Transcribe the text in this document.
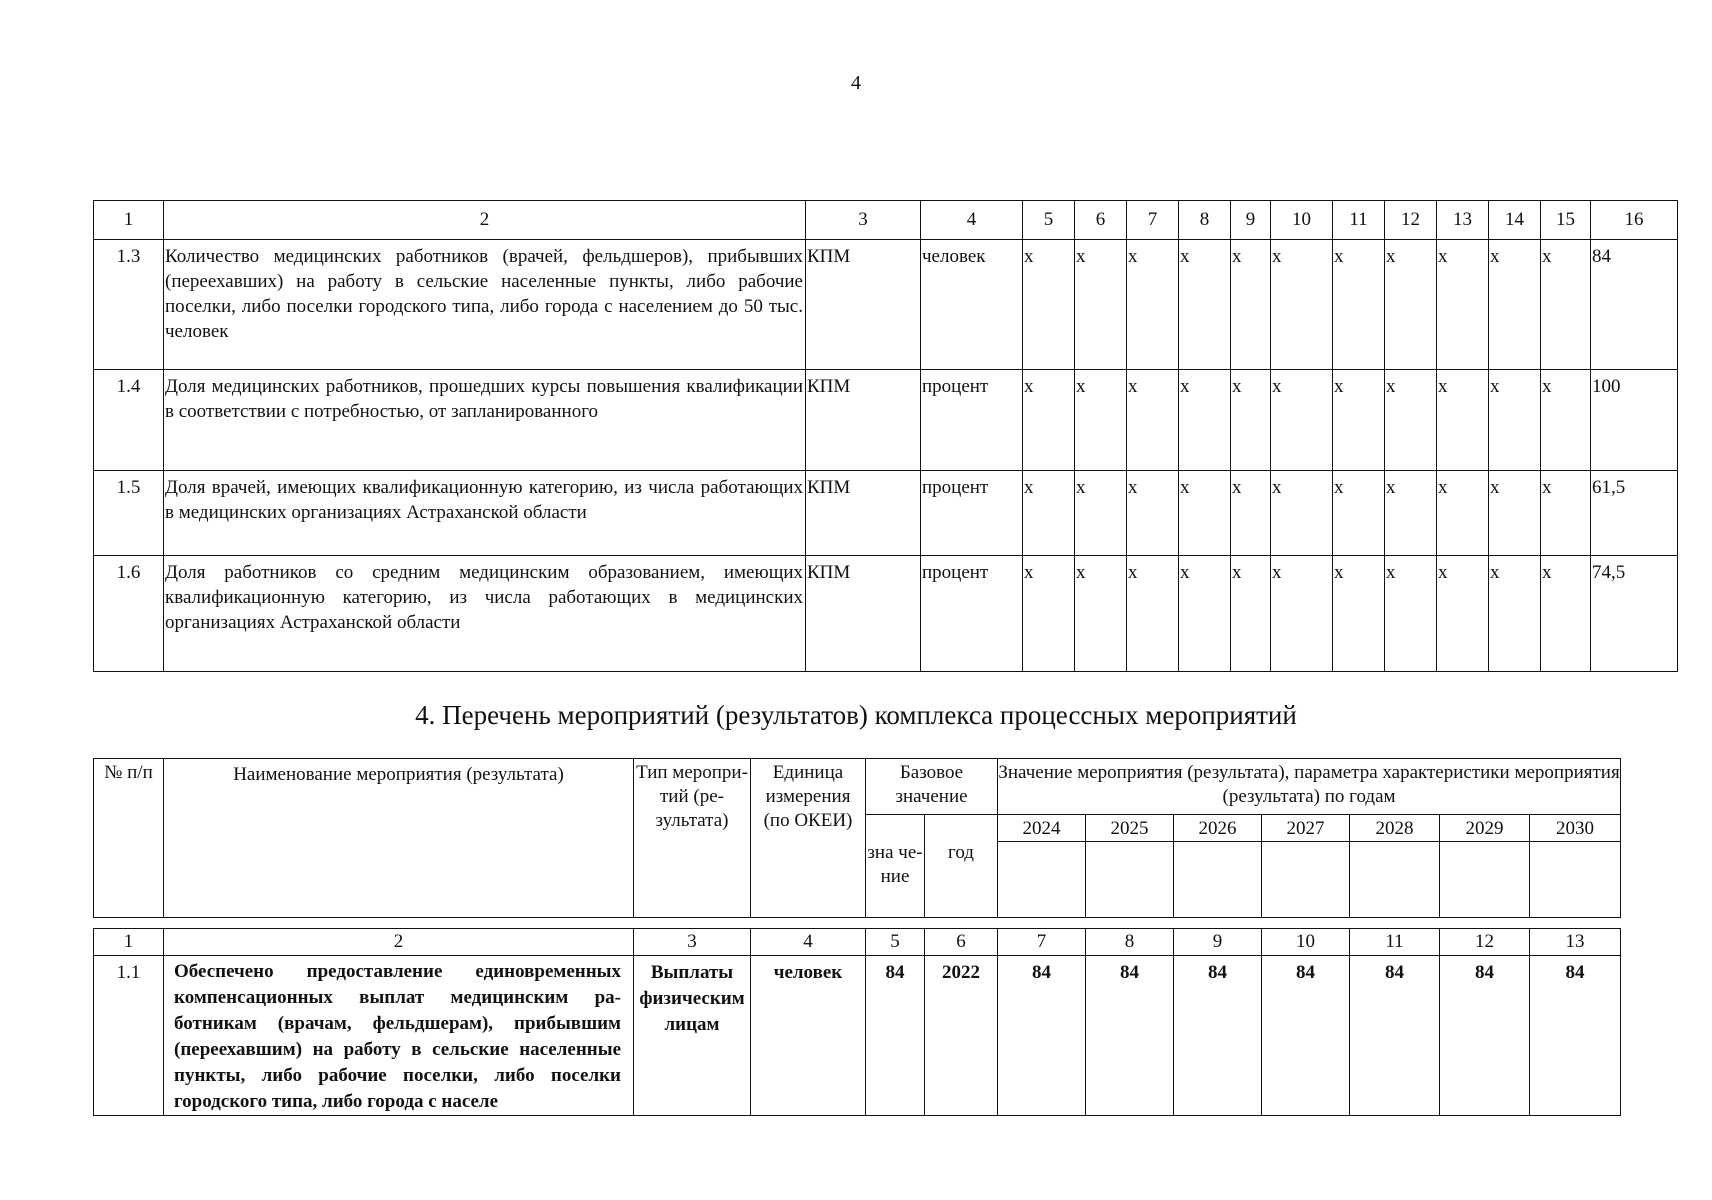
4
1	2	3	4	5	6	7	8	9	10	11	12	13	14	15	16
1.3	Количество медицинских работников (врачей, фельдшеров), прибывших (переехавших) на работу в сельские населенные пункты, либо рабочие поселки, либо поселки городского типа, либо города с населением до 50 тыс. человек	КПМ	человек	x	x	x	x	x	x	x	x	x	x	x	84
1.4	Доля медицинских работников, прошедших курсы повышения квалификации в соответствии с потребностью, от запланированного	КПМ	процент	x	x	x	x	x	x	x	x	x	x	x	100
1.5	Доля врачей, имеющих квалификационную категорию, из числа работающих в медицинских организациях Астраханской области	КПМ	процент	x	x	x	x	x	x	x	x	x	x	x	61,5
1.6	Доля работников со средним медицинским образованием, имеющих квалификационную категорию, из числа работающих в медицинских организациях Астраханской области	КПМ	процент	x	x	x	x	x	x	x	x	x	x	x	74,5
4. Перечень мероприятий (результатов) комплекса процессных мероприятий
№ п/п	Наименование мероприятия (результата)	Тип меропритий (результата)	Единица измерения (по ОКЕИ)	Базовое значение		Значение мероприятия (результата), параметра характеристики мероприятия (результата) по годам						
				зна чение	год	2024	2025	2026	2027	2028	2029	2030

1	2	3	4	5	6	7	8	9	10	11	12	13
1.1	Обеспечено предоставление единовременных компенсационных выплат медицинским работникам (врачам, фельдшерам), прибывшим (переехавшим) на работу в сельские населенные пункты, либо рабочие поселки, либо поселки городского типа, либо города с населе	Выплаты физическим лицам	человек	84	2022	84	84	84	84	84	84	84
